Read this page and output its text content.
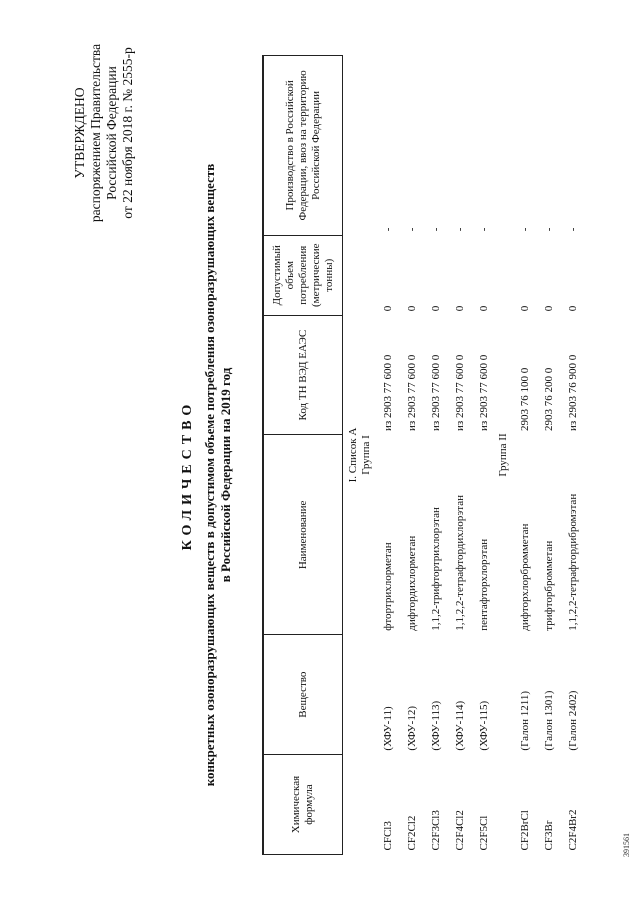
УТВЕРЖДЕНО распоряжением Правительства Российской Федерации от 22 ноября 2018 г. № 2555-р
КОЛИЧЕСТВО конкретных озоноразрушающих веществ в допустимом объеме потребления озоноразрушающих веществ в Российской Федерации на 2019 год
Химическая формула	Вещество	Наименование	Код ТН ВЭД ЕАЭС	Допустимый объем потребления (метрические тонны)	Производство в Российской Федерации, ввоз на территорию Российской Федерации
I. Список А					
Группа I					
CFCl3	(ХФУ-11)	фтортрихлорметан	из 2903 77 600 0	0	-
CF2Cl2	(ХФУ-12)	дифтордихлорметан	из 2903 77 600 0	0	-
C2F3Cl3	(ХФУ-113)	1,1,2-трифтортрихлорэтан	из 2903 77 600 0	0	-
C2F4Cl2	(ХФУ-114)	1,1,2,2-тетрафтордихлорэтан	из 2903 77 600 0	0	-
C2F5Cl	(ХФУ-115)	пентафторхлорэтан	из 2903 77 600 0	0	-
Группа II					
CF2BrCl	(Галон 1211)	дифторхлорбромметан	2903 76 100 0	0	-
CF3Br	(Галон 1301)	трифторбромметан	2903 76 200 0	0	-
C2F4Br2	(Галон 2402)	1,1,2,2-тетрафтордибромэтан	из 2903 76 900 0	0	-
391561
